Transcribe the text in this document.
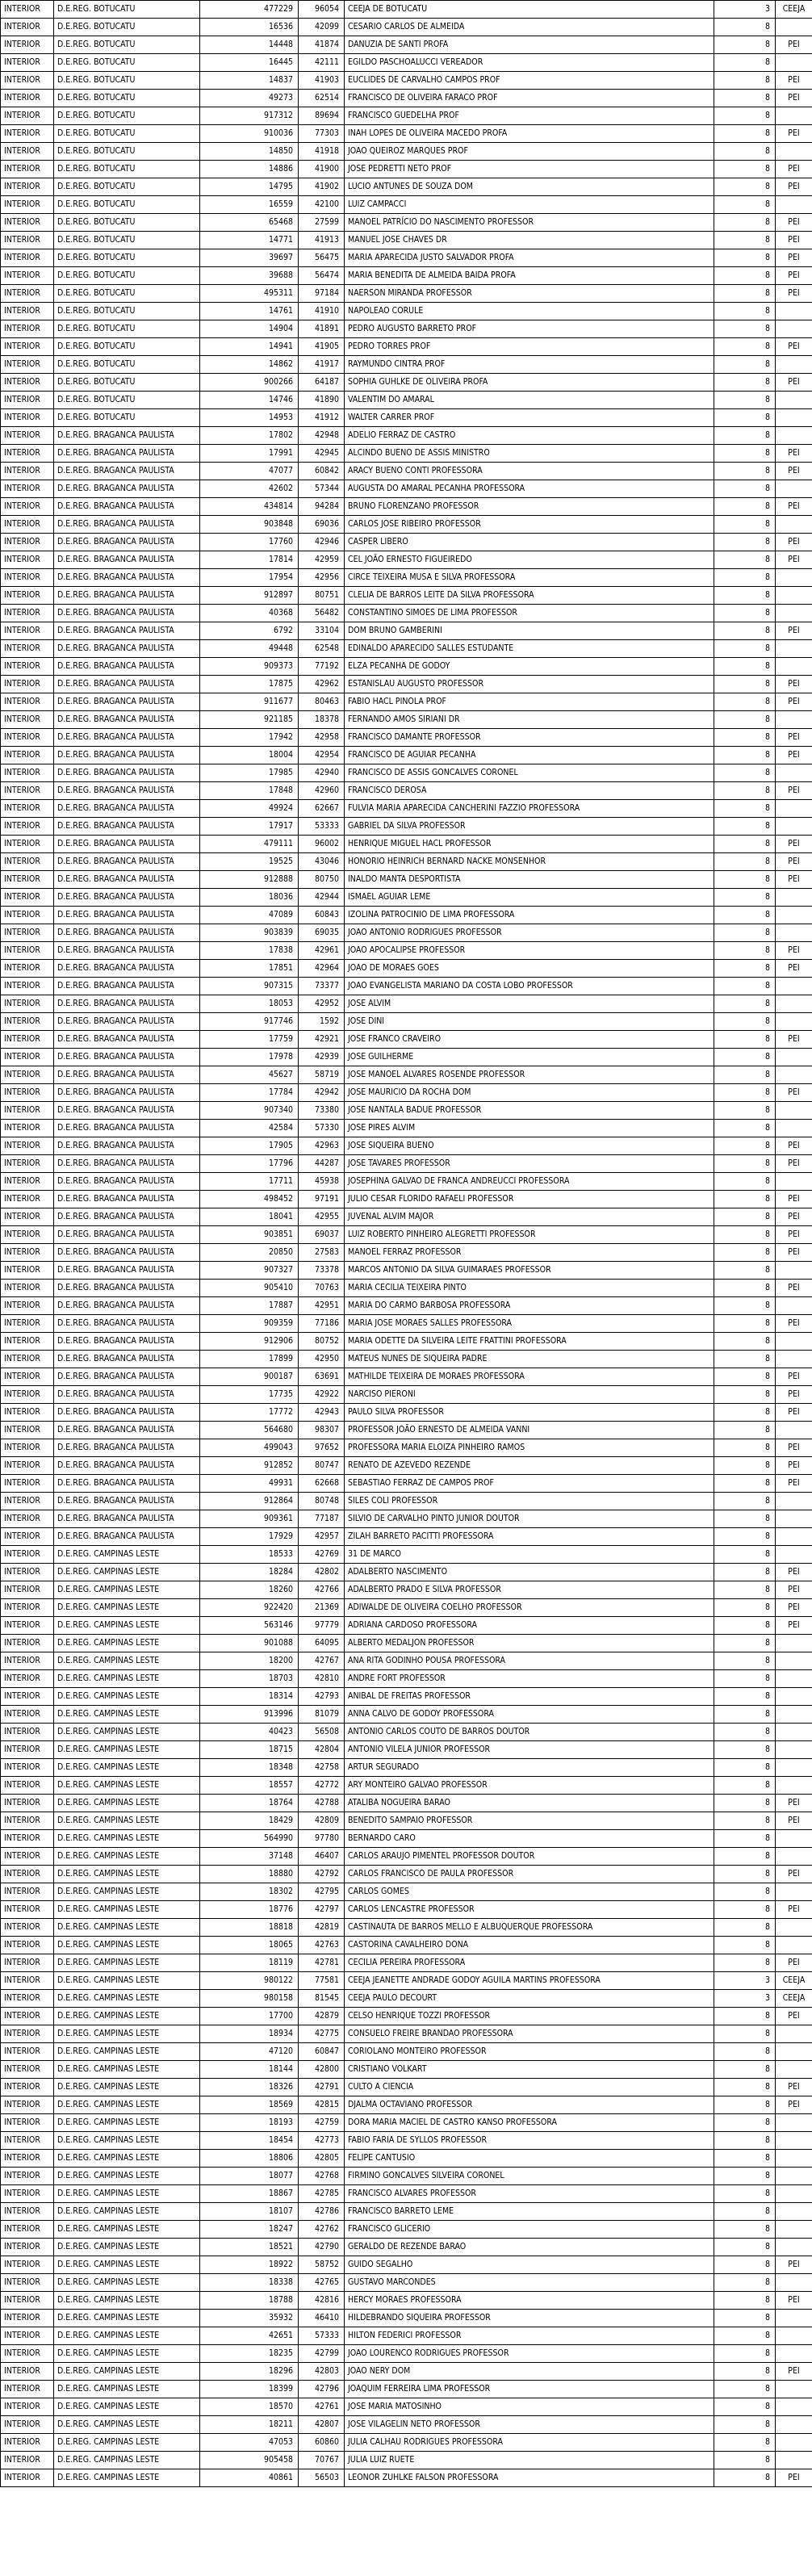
INTERIOR	D.E.REG. BOTUCATU	477229	96054	CEEJA DE BOTUCATU	3	CEEJA
INTERIOR	D.E.REG. BOTUCATU	16536	42099	CESARIO CARLOS DE ALMEIDA	8	
INTERIOR	D.E.REG. BOTUCATU	14448	41874	DANUZIA DE SANTI PROFA	8	PEI
INTERIOR	D.E.REG. BOTUCATU	16445	42111	EGILDO PASCHOALUCCI VEREADOR	8	
INTERIOR	D.E.REG. BOTUCATU	14837	41903	EUCLIDES DE CARVALHO CAMPOS PROF	8	PEI
INTERIOR	D.E.REG. BOTUCATU	49273	62514	FRANCISCO DE OLIVEIRA FARACO PROF	8	PEI
INTERIOR	D.E.REG. BOTUCATU	917312	89694	FRANCISCO GUEDELHA PROF	8	
INTERIOR	D.E.REG. BOTUCATU	910036	77303	INAH LOPES DE OLIVEIRA MACEDO PROFA	8	PEI
INTERIOR	D.E.REG. BOTUCATU	14850	41918	JOAO QUEIROZ MARQUES PROF	8	
INTERIOR	D.E.REG. BOTUCATU	14886	41900	JOSE PEDRETTI NETO PROF	8	PEI
INTERIOR	D.E.REG. BOTUCATU	14795	41902	LUCIO ANTUNES DE SOUZA DOM	8	PEI
INTERIOR	D.E.REG. BOTUCATU	16559	42100	LUIZ CAMPACCI	8	
INTERIOR	D.E.REG. BOTUCATU	65468	27599	MANOEL PATRÍCIO DO NASCIMENTO PROFESSOR	8	PEI
INTERIOR	D.E.REG. BOTUCATU	14771	41913	MANUEL JOSE CHAVES DR	8	PEI
INTERIOR	D.E.REG. BOTUCATU	39697	56475	MARIA APARECIDA JUSTO SALVADOR PROFA	8	PEI
INTERIOR	D.E.REG. BOTUCATU	39688	56474	MARIA BENEDITA DE ALMEIDA BAIDA PROFA	8	PEI
INTERIOR	D.E.REG. BOTUCATU	495311	97184	NAERSON MIRANDA PROFESSOR	8	PEI
INTERIOR	D.E.REG. BOTUCATU	14761	41910	NAPOLEAO CORULE	8	
INTERIOR	D.E.REG. BOTUCATU	14904	41891	PEDRO AUGUSTO BARRETO PROF	8	
INTERIOR	D.E.REG. BOTUCATU	14941	41905	PEDRO TORRES PROF	8	PEI
INTERIOR	D.E.REG. BOTUCATU	14862	41917	RAYMUNDO CINTRA PROF	8	
INTERIOR	D.E.REG. BOTUCATU	900266	64187	SOPHIA GUHLKE DE OLIVEIRA PROFA	8	PEI
INTERIOR	D.E.REG. BOTUCATU	14746	41890	VALENTIM DO AMARAL	8	
INTERIOR	D.E.REG. BOTUCATU	14953	41912	WALTER CARRER PROF	8	
INTERIOR	D.E.REG. BRAGANCA PAULISTA	17802	42948	ADELIO FERRAZ DE CASTRO	8	
INTERIOR	D.E.REG. BRAGANCA PAULISTA	17991	42945	ALCINDO BUENO DE ASSIS MINISTRO	8	PEI
INTERIOR	D.E.REG. BRAGANCA PAULISTA	47077	60842	ARACY BUENO CONTI PROFESSORA	8	PEI
INTERIOR	D.E.REG. BRAGANCA PAULISTA	42602	57344	AUGUSTA DO AMARAL PECANHA PROFESSORA	8	
INTERIOR	D.E.REG. BRAGANCA PAULISTA	434814	94284	BRUNO FLORENZANO PROFESSOR	8	PEI
INTERIOR	D.E.REG. BRAGANCA PAULISTA	903848	69036	CARLOS JOSE RIBEIRO PROFESSOR	8	
INTERIOR	D.E.REG. BRAGANCA PAULISTA	17760	42946	CASPER LIBERO	8	PEI
INTERIOR	D.E.REG. BRAGANCA PAULISTA	17814	42959	CEL JOÃO ERNESTO FIGUEIREDO	8	PEI
INTERIOR	D.E.REG. BRAGANCA PAULISTA	17954	42956	CIRCE TEIXEIRA MUSA E SILVA PROFESSORA	8	
INTERIOR	D.E.REG. BRAGANCA PAULISTA	912897	80751	CLELIA DE BARROS LEITE DA SILVA PROFESSORA	8	
INTERIOR	D.E.REG. BRAGANCA PAULISTA	40368	56482	CONSTANTINO SIMOES DE LIMA PROFESSOR	8	
INTERIOR	D.E.REG. BRAGANCA PAULISTA	6792	33104	DOM BRUNO GAMBERINI	8	PEI
INTERIOR	D.E.REG. BRAGANCA PAULISTA	49448	62548	EDINALDO APARECIDO SALLES ESTUDANTE	8	
INTERIOR	D.E.REG. BRAGANCA PAULISTA	909373	77192	ELZA PECANHA DE GODOY	8	
INTERIOR	D.E.REG. BRAGANCA PAULISTA	17875	42962	ESTANISLAU AUGUSTO PROFESSOR	8	PEI
INTERIOR	D.E.REG. BRAGANCA PAULISTA	911677	80463	FABIO HACL PINOLA PROF	8	PEI
INTERIOR	D.E.REG. BRAGANCA PAULISTA	921185	18378	FERNANDO AMOS SIRIANI DR	8	
INTERIOR	D.E.REG. BRAGANCA PAULISTA	17942	42958	FRANCISCO DAMANTE PROFESSOR	8	PEI
INTERIOR	D.E.REG. BRAGANCA PAULISTA	18004	42954	FRANCISCO DE AGUIAR PECANHA	8	PEI
INTERIOR	D.E.REG. BRAGANCA PAULISTA	17985	42940	FRANCISCO DE ASSIS GONCALVES CORONEL	8	
INTERIOR	D.E.REG. BRAGANCA PAULISTA	17848	42960	FRANCISCO DEROSA	8	PEI
INTERIOR	D.E.REG. BRAGANCA PAULISTA	49924	62667	FULVIA MARIA APARECIDA CANCHERINI FAZZIO PROFESSORA	8	
INTERIOR	D.E.REG. BRAGANCA PAULISTA	17917	53333	GABRIEL DA SILVA PROFESSOR	8	
INTERIOR	D.E.REG. BRAGANCA PAULISTA	479111	96002	HENRIQUE MIGUEL HACL PROFESSOR	8	PEI
INTERIOR	D.E.REG. BRAGANCA PAULISTA	19525	43046	HONORIO HEINRICH BERNARD NACKE MONSENHOR	8	PEI
INTERIOR	D.E.REG. BRAGANCA PAULISTA	912888	80750	INALDO MANTA DESPORTISTA	8	PEI
INTERIOR	D.E.REG. BRAGANCA PAULISTA	18036	42944	ISMAEL AGUIAR LEME	8	
INTERIOR	D.E.REG. BRAGANCA PAULISTA	47089	60843	IZOLINA PATROCINIO DE LIMA PROFESSORA	8	
INTERIOR	D.E.REG. BRAGANCA PAULISTA	903839	69035	JOAO ANTONIO RODRIGUES PROFESSOR	8	
INTERIOR	D.E.REG. BRAGANCA PAULISTA	17838	42961	JOAO APOCALIPSE PROFESSOR	8	PEI
INTERIOR	D.E.REG. BRAGANCA PAULISTA	17851	42964	JOAO DE MORAES GOES	8	PEI
INTERIOR	D.E.REG. BRAGANCA PAULISTA	907315	73377	JOAO EVANGELISTA MARIANO DA COSTA LOBO PROFESSOR	8	
INTERIOR	D.E.REG. BRAGANCA PAULISTA	18053	42952	JOSE ALVIM	8	
INTERIOR	D.E.REG. BRAGANCA PAULISTA	917746	1592	JOSE DINI	8	
INTERIOR	D.E.REG. BRAGANCA PAULISTA	17759	42921	JOSE FRANCO CRAVEIRO	8	PEI
INTERIOR	D.E.REG. BRAGANCA PAULISTA	17978	42939	JOSE GUILHERME	8	
INTERIOR	D.E.REG. BRAGANCA PAULISTA	45627	58719	JOSE MANOEL ALVARES ROSENDE PROFESSOR	8	
INTERIOR	D.E.REG. BRAGANCA PAULISTA	17784	42942	JOSE MAURICIO DA ROCHA DOM	8	PEI
INTERIOR	D.E.REG. BRAGANCA PAULISTA	907340	73380	JOSE NANTALA BADUE PROFESSOR	8	
INTERIOR	D.E.REG. BRAGANCA PAULISTA	42584	57330	JOSE PIRES ALVIM	8	
INTERIOR	D.E.REG. BRAGANCA PAULISTA	17905	42963	JOSE SIQUEIRA BUENO	8	PEI
INTERIOR	D.E.REG. BRAGANCA PAULISTA	17796	44287	JOSE TAVARES PROFESSOR	8	PEI
INTERIOR	D.E.REG. BRAGANCA PAULISTA	17711	45938	JOSEPHINA GALVAO DE FRANCA ANDREUCCI PROFESSORA	8	
INTERIOR	D.E.REG. BRAGANCA PAULISTA	498452	97191	JULIO CESAR FLORIDO RAFAELI PROFESSOR	8	PEI
INTERIOR	D.E.REG. BRAGANCA PAULISTA	18041	42955	JUVENAL ALVIM MAJOR	8	PEI
INTERIOR	D.E.REG. BRAGANCA PAULISTA	903851	69037	LUIZ ROBERTO PINHEIRO ALEGRETTI PROFESSOR	8	PEI
INTERIOR	D.E.REG. BRAGANCA PAULISTA	20850	27583	MANOEL FERRAZ PROFESSOR	8	PEI
INTERIOR	D.E.REG. BRAGANCA PAULISTA	907327	73378	MARCOS ANTONIO DA SILVA GUIMARAES PROFESSOR	8	
INTERIOR	D.E.REG. BRAGANCA PAULISTA	905410	70763	MARIA CECILIA TEIXEIRA PINTO	8	PEI
INTERIOR	D.E.REG. BRAGANCA PAULISTA	17887	42951	MARIA DO CARMO BARBOSA PROFESSORA	8	
INTERIOR	D.E.REG. BRAGANCA PAULISTA	909359	77186	MARIA JOSE MORAES SALLES PROFESSORA	8	PEI
INTERIOR	D.E.REG. BRAGANCA PAULISTA	912906	80752	MARIA ODETTE DA SILVEIRA LEITE FRATTINI PROFESSORA	8	
INTERIOR	D.E.REG. BRAGANCA PAULISTA	17899	42950	MATEUS NUNES DE SIQUEIRA PADRE	8	
INTERIOR	D.E.REG. BRAGANCA PAULISTA	900187	63691	MATHILDE TEIXEIRA DE MORAES PROFESSORA	8	PEI
INTERIOR	D.E.REG. BRAGANCA PAULISTA	17735	42922	NARCISO PIERONI	8	PEI
INTERIOR	D.E.REG. BRAGANCA PAULISTA	17772	42943	PAULO SILVA PROFESSOR	8	PEI
INTERIOR	D.E.REG. BRAGANCA PAULISTA	564680	98307	PROFESSOR JOÃO ERNESTO DE ALMEIDA VANNI	8	
INTERIOR	D.E.REG. BRAGANCA PAULISTA	499043	97652	PROFESSORA MARIA ELOIZA PINHEIRO RAMOS	8	PEI
INTERIOR	D.E.REG. BRAGANCA PAULISTA	912852	80747	RENATO DE AZEVEDO REZENDE	8	PEI
INTERIOR	D.E.REG. BRAGANCA PAULISTA	49931	62668	SEBASTIAO FERRAZ DE CAMPOS PROF	8	PEI
INTERIOR	D.E.REG. BRAGANCA PAULISTA	912864	80748	SILES COLI PROFESSOR	8	
INTERIOR	D.E.REG. BRAGANCA PAULISTA	909361	77187	SILVIO DE CARVALHO PINTO JUNIOR DOUTOR	8	
INTERIOR	D.E.REG. BRAGANCA PAULISTA	17929	42957	ZILAH BARRETO PACITTI PROFESSORA	8	
INTERIOR	D.E.REG. CAMPINAS LESTE	18533	42769	31 DE MARCO	8	
INTERIOR	D.E.REG. CAMPINAS LESTE	18284	42802	ADALBERTO NASCIMENTO	8	PEI
INTERIOR	D.E.REG. CAMPINAS LESTE	18260	42766	ADALBERTO PRADO E SILVA PROFESSOR	8	PEI
INTERIOR	D.E.REG. CAMPINAS LESTE	922420	21369	ADIWALDE DE OLIVEIRA COELHO PROFESSOR	8	PEI
INTERIOR	D.E.REG. CAMPINAS LESTE	563146	97779	ADRIANA CARDOSO PROFESSORA	8	PEI
INTERIOR	D.E.REG. CAMPINAS LESTE	901088	64095	ALBERTO MEDALJON PROFESSOR	8	
INTERIOR	D.E.REG. CAMPINAS LESTE	18200	42767	ANA RITA GODINHO POUSA PROFESSORA	8	
INTERIOR	D.E.REG. CAMPINAS LESTE	18703	42810	ANDRE FORT PROFESSOR	8	
INTERIOR	D.E.REG. CAMPINAS LESTE	18314	42793	ANIBAL DE FREITAS PROFESSOR	8	
INTERIOR	D.E.REG. CAMPINAS LESTE	913996	81079	ANNA CALVO DE GODOY PROFESSORA	8	
INTERIOR	D.E.REG. CAMPINAS LESTE	40423	56508	ANTONIO CARLOS COUTO DE BARROS DOUTOR	8	
INTERIOR	D.E.REG. CAMPINAS LESTE	18715	42804	ANTONIO VILELA JUNIOR PROFESSOR	8	
INTERIOR	D.E.REG. CAMPINAS LESTE	18348	42758	ARTUR SEGURADO	8	
INTERIOR	D.E.REG. CAMPINAS LESTE	18557	42772	ARY MONTEIRO GALVAO PROFESSOR	8	
INTERIOR	D.E.REG. CAMPINAS LESTE	18764	42788	ATALIBA NOGUEIRA BARAO	8	PEI
INTERIOR	D.E.REG. CAMPINAS LESTE	18429	42809	BENEDITO SAMPAIO PROFESSOR	8	PEI
INTERIOR	D.E.REG. CAMPINAS LESTE	564990	97780	BERNARDO CARO	8	
INTERIOR	D.E.REG. CAMPINAS LESTE	37148	46407	CARLOS ARAUJO PIMENTEL PROFESSOR DOUTOR	8	
INTERIOR	D.E.REG. CAMPINAS LESTE	18880	42792	CARLOS FRANCISCO DE PAULA PROFESSOR	8	PEI
INTERIOR	D.E.REG. CAMPINAS LESTE	18302	42795	CARLOS GOMES	8	
INTERIOR	D.E.REG. CAMPINAS LESTE	18776	42797	CARLOS LENCASTRE PROFESSOR	8	PEI
INTERIOR	D.E.REG. CAMPINAS LESTE	18818	42819	CASTINAUTA DE BARROS MELLO E ALBUQUERQUE PROFESSORA	8	
INTERIOR	D.E.REG. CAMPINAS LESTE	18065	42763	CASTORINA CAVALHEIRO DONA	8	
INTERIOR	D.E.REG. CAMPINAS LESTE	18119	42781	CECILIA PEREIRA PROFESSORA	8	PEI
INTERIOR	D.E.REG. CAMPINAS LESTE	980122	77581	CEEJA JEANETTE ANDRADE GODOY AGUILA MARTINS PROFESSORA	3	CEEJA
INTERIOR	D.E.REG. CAMPINAS LESTE	980158	81545	CEEJA PAULO DECOURT	3	CEEJA
INTERIOR	D.E.REG. CAMPINAS LESTE	17700	42879	CELSO HENRIQUE TOZZI PROFESSOR	8	PEI
INTERIOR	D.E.REG. CAMPINAS LESTE	18934	42775	CONSUELO FREIRE BRANDAO PROFESSORA	8	
INTERIOR	D.E.REG. CAMPINAS LESTE	47120	60847	CORIOLANO MONTEIRO PROFESSOR	8	
INTERIOR	D.E.REG. CAMPINAS LESTE	18144	42800	CRISTIANO VOLKART	8	
INTERIOR	D.E.REG. CAMPINAS LESTE	18326	42791	CULTO A CIENCIA	8	PEI
INTERIOR	D.E.REG. CAMPINAS LESTE	18569	42815	DJALMA OCTAVIANO PROFESSOR	8	PEI
INTERIOR	D.E.REG. CAMPINAS LESTE	18193	42759	DORA MARIA MACIEL DE CASTRO KANSO PROFESSORA	8	
INTERIOR	D.E.REG. CAMPINAS LESTE	18454	42773	FABIO FARIA DE SYLLOS PROFESSOR	8	
INTERIOR	D.E.REG. CAMPINAS LESTE	18806	42805	FELIPE CANTUSIO	8	
INTERIOR	D.E.REG. CAMPINAS LESTE	18077	42768	FIRMINO GONCALVES SILVEIRA CORONEL	8	
INTERIOR	D.E.REG. CAMPINAS LESTE	18867	42785	FRANCISCO ALVARES PROFESSOR	8	
INTERIOR	D.E.REG. CAMPINAS LESTE	18107	42786	FRANCISCO BARRETO LEME	8	
INTERIOR	D.E.REG. CAMPINAS LESTE	18247	42762	FRANCISCO GLICERIO	8	
INTERIOR	D.E.REG. CAMPINAS LESTE	18521	42790	GERALDO DE REZENDE BARAO	8	
INTERIOR	D.E.REG. CAMPINAS LESTE	18922	58752	GUIDO SEGALHO	8	PEI
INTERIOR	D.E.REG. CAMPINAS LESTE	18338	42765	GUSTAVO MARCONDES	8	
INTERIOR	D.E.REG. CAMPINAS LESTE	18788	42816	HERCY MORAES PROFESSORA	8	PEI
INTERIOR	D.E.REG. CAMPINAS LESTE	35932	46410	HILDEBRANDO SIQUEIRA PROFESSOR	8	
INTERIOR	D.E.REG. CAMPINAS LESTE	42651	57333	HILTON FEDERICI PROFESSOR	8	
INTERIOR	D.E.REG. CAMPINAS LESTE	18235	42799	JOAO LOURENCO RODRIGUES PROFESSOR	8	
INTERIOR	D.E.REG. CAMPINAS LESTE	18296	42803	JOAO NERY DOM	8	PEI
INTERIOR	D.E.REG. CAMPINAS LESTE	18399	42796	JOAQUIM FERREIRA LIMA PROFESSOR	8	
INTERIOR	D.E.REG. CAMPINAS LESTE	18570	42761	JOSE MARIA MATOSINHO	8	
INTERIOR	D.E.REG. CAMPINAS LESTE	18211	42807	JOSE VILAGELIN NETO PROFESSOR	8	
INTERIOR	D.E.REG. CAMPINAS LESTE	47053	60860	JULIA CALHAU RODRIGUES PROFESSORA	8	
INTERIOR	D.E.REG. CAMPINAS LESTE	905458	70767	JULIA LUIZ RUETE	8	
INTERIOR	D.E.REG. CAMPINAS LESTE	40861	56503	LEONOR ZUHLKE FALSON PROFESSORA	8	PEI
